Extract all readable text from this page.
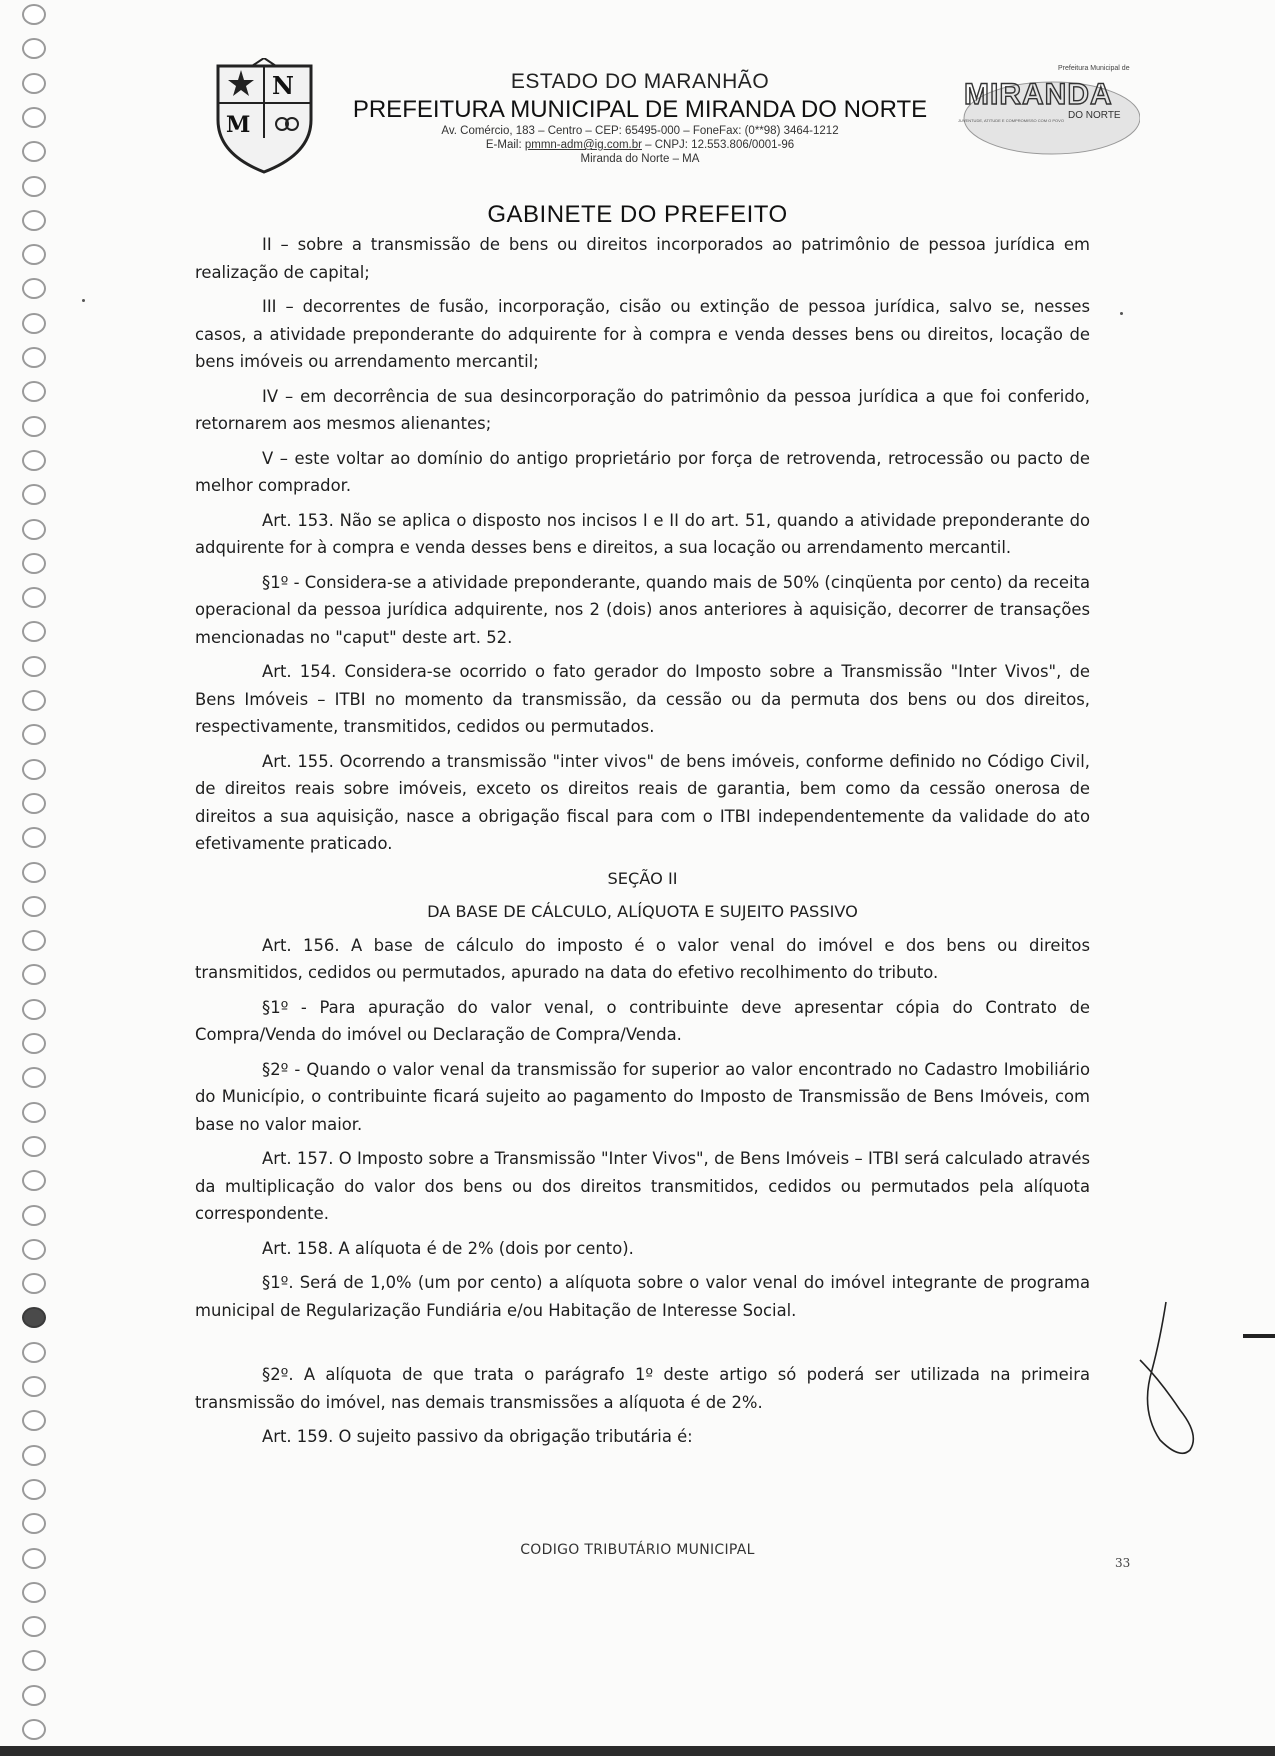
N
M
ESTADO DO MARANHÃO
PREFEITURA MUNICIPAL DE MIRANDA DO NORTE
Av. Comércio, 183 – Centro – CEP: 65495-000 – FoneFax: (0**98) 3464-1212
E-Mail: pmmn-adm@ig.com.br – CNPJ: 12.553.806/0001-96
Miranda do Norte – MA
Prefeitura Municipal de
MIRANDA
DO NORTE
JUVENTUDE, ATITUDE E COMPROMISSO COM O POVO
GABINETE DO PREFEITO

II – sobre a transmissão de bens ou direitos incorporados ao patrimônio de pessoa jurídica em realização de capital;

III – decorrentes de fusão, incorporação, cisão ou extinção de pessoa jurídica, salvo se, nesses casos, a atividade preponderante do adquirente for à compra e venda desses bens ou direitos, locação de bens imóveis ou arrendamento mercantil;

IV – em decorrência de sua desincorporação do patrimônio da pessoa jurídica a que foi conferido, retornarem aos mesmos alienantes;

V – este voltar ao domínio do antigo proprietário por força de retrovenda, retrocessão ou pacto de melhor comprador.

Art. 153. Não se aplica o disposto nos incisos I e II do art. 51, quando a atividade preponderante do adquirente for à compra e venda desses bens e direitos, a sua locação ou arrendamento mercantil.

§1º - Considera-se a atividade preponderante, quando mais de 50% (cinqüenta por cento) da receita operacional da pessoa jurídica adquirente, nos 2 (dois) anos anteriores à aquisição, decorrer de transações mencionadas no "caput" deste art. 52.

Art. 154. Considera-se ocorrido o fato gerador do Imposto sobre a Transmissão "Inter Vivos", de Bens Imóveis – ITBI no momento da transmissão, da cessão ou da permuta dos bens ou dos direitos, respectivamente, transmitidos, cedidos ou permutados.

Art. 155. Ocorrendo a transmissão "inter vivos" de bens imóveis, conforme definido no Código Civil, de direitos reais sobre imóveis, exceto os direitos reais de garantia, bem como da cessão onerosa de direitos a sua aquisição, nasce a obrigação fiscal para com o ITBI independentemente da validade do ato efetivamente praticado.

SEÇÃO II
DA BASE DE CÁLCULO, ALÍQUOTA E SUJEITO PASSIVO

Art. 156. A base de cálculo do imposto é o valor venal do imóvel e dos bens ou direitos transmitidos, cedidos ou permutados, apurado na data do efetivo recolhimento do tributo.

§1º - Para apuração do valor venal, o contribuinte deve apresentar cópia do Contrato de Compra/Venda do imóvel ou Declaração de Compra/Venda.

§2º - Quando o valor venal da transmissão for superior ao valor encontrado no Cadastro Imobiliário do Município, o contribuinte ficará sujeito ao pagamento do Imposto de Transmissão de Bens Imóveis, com base no valor maior.

Art. 157. O Imposto sobre a Transmissão "Inter Vivos", de Bens Imóveis – ITBI será calculado através da multiplicação do valor dos bens ou dos direitos transmitidos, cedidos ou permutados pela alíquota correspondente.

Art. 158. A alíquota é de 2% (dois por cento).

§1º. Será de 1,0% (um por cento) a alíquota sobre o valor venal do imóvel integrante de programa municipal de Regularização Fundiária e/ou Habitação de Interesse Social.

§2º. A alíquota de que trata o parágrafo 1º deste artigo só poderá ser utilizada na primeira transmissão do imóvel, nas demais transmissões a alíquota é de 2%.

Art. 159. O sujeito passivo da obrigação tributária é:

CODIGO TRIBUTÁRIO MUNICIPAL
33
